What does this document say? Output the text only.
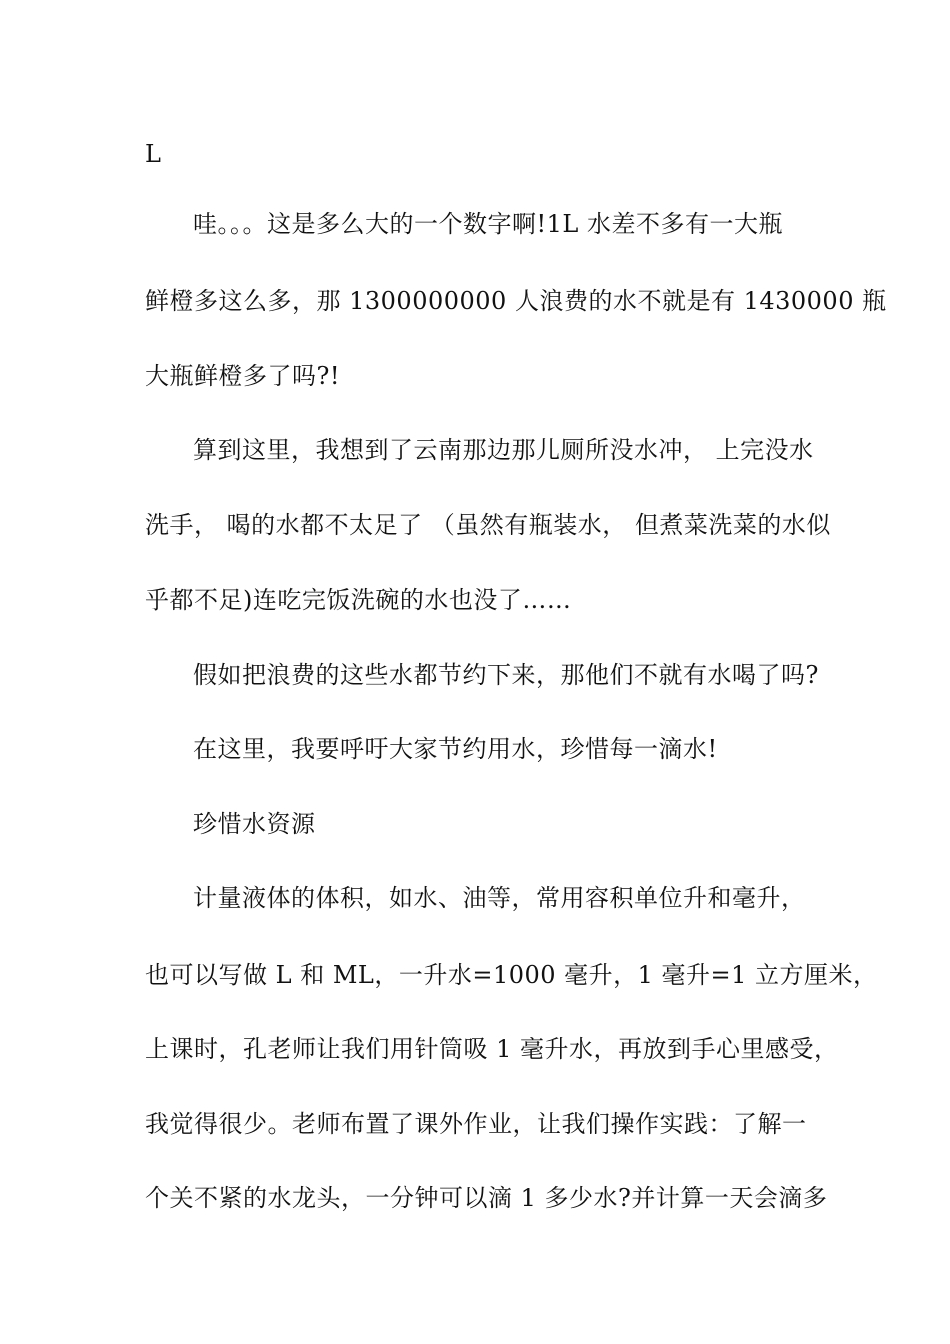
L
哇。。。这是多么大的一个数字啊!1L 水差不多有一大瓶
鲜橙多这么多，那 1300000000 人浪费的水不就是有 1430000 瓶
大瓶鲜橙多了吗?!
算到这里，我想到了云南那边那儿厕所没水冲， 上完没水
洗手， 喝的水都不太足了 （虽然有瓶装水， 但煮菜洗菜的水似
乎都不足)连吃完饭洗碗的水也没了……
假如把浪费的这些水都节约下来，那他们不就有水喝了吗?
在这里，我要呼吁大家节约用水，珍惜每一滴水!
珍惜水资源
计量液体的体积，如水、油等，常用容积单位升和毫升，
也可以写做 L 和 ML，一升水=1000 毫升，1 毫升=1 立方厘米，
上课时，孔老师让我们用针筒吸 1 毫升水，再放到手心里感受，
我觉得很少。老师布置了课外作业，让我们操作实践：了解一
个关不紧的水龙头，一分钟可以滴 1 多少水?并计算一天会滴多
